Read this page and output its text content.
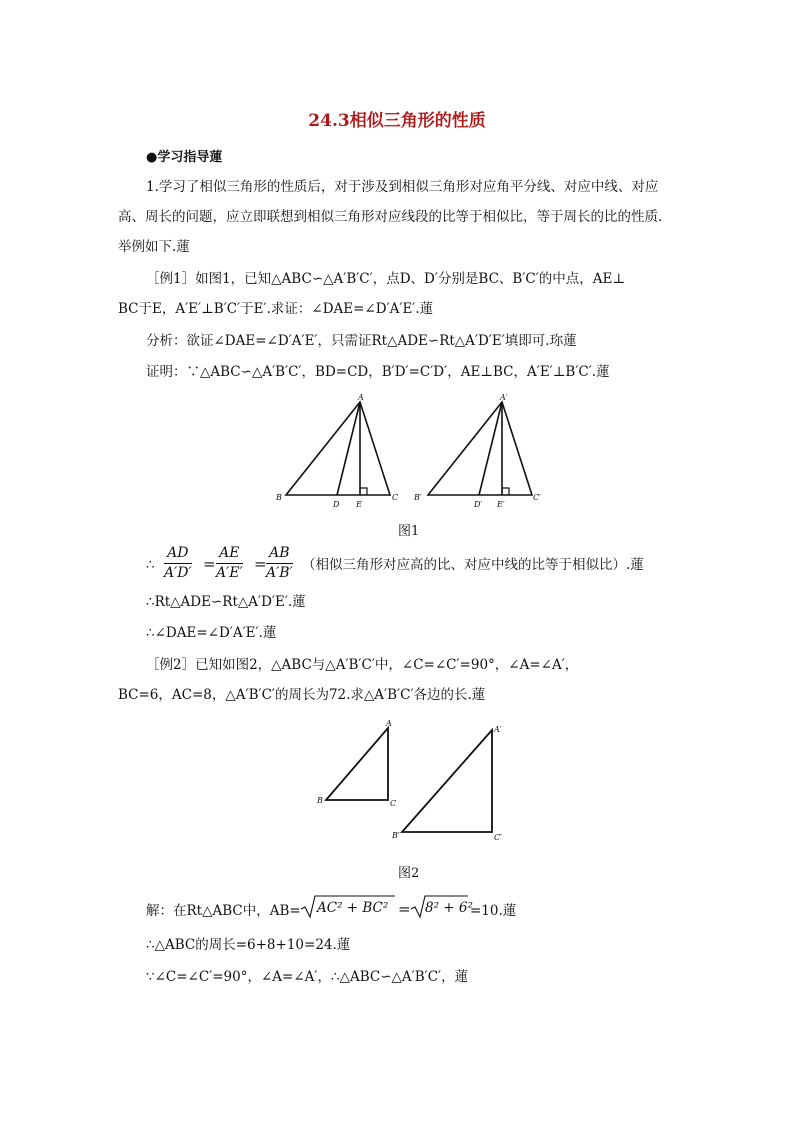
24.3相似三角形的性质
●学习指导蓮
1.学习了相似三角形的性质后，对于涉及到相似三角形对应角平分线、对应中线、对应
高、周长的问题，应立即联想到相似三角形对应线段的比等于相似比，等于周长的比的性质.
举例如下.蓮
［例1］如图1，已知△ABC∽△A′B′C′，点D、D′分别是BC、B′C′的中点，AE⊥
BC于E，A′E′⊥B′C′于E′.求证：∠DAE=∠D′A′E′.蓮
分析：欲证∠DAE=∠D′A′E′，只需证Rt△ADE∽Rt△A′D′E′填即可.珎蓮
证明：∵△ABC∽△A′B′C′，BD=CD，B′D′=C′D′，AE⊥BC，A′E′⊥B′C′.蓮
A
B
D E
C
A′
B′
D′ E′
C′
图1
∴ $\frac{AD}{A'D'} = \frac{AE}{A'E'} = \frac{AB}{A'B'}$ （相似三角形对应高的比、对应中线的比等于相似比）.蓮
∴Rt△ADE∽Rt△A′D′E′.蓮
∴∠DAE=∠D′A′E′.蓮
［例2］已知如图2，△ABC与△A′B′C′中，∠C=∠C′=90°，∠A=∠A′，
BC=6，AC=8，△A′B′C′的周长为72.求△A′B′C′各边的长.蓮
A
B	C
A′
B′	C′
图2
解：在Rt△ABC中，AB= AC² + BC² = 8² + 6²
=10.蓮
∴△ABC的周长=6+8+10=24.蓮
∵∠C=∠C′=90°，∠A=∠A′，∴△ABC∽△A′B′C′，蓮
